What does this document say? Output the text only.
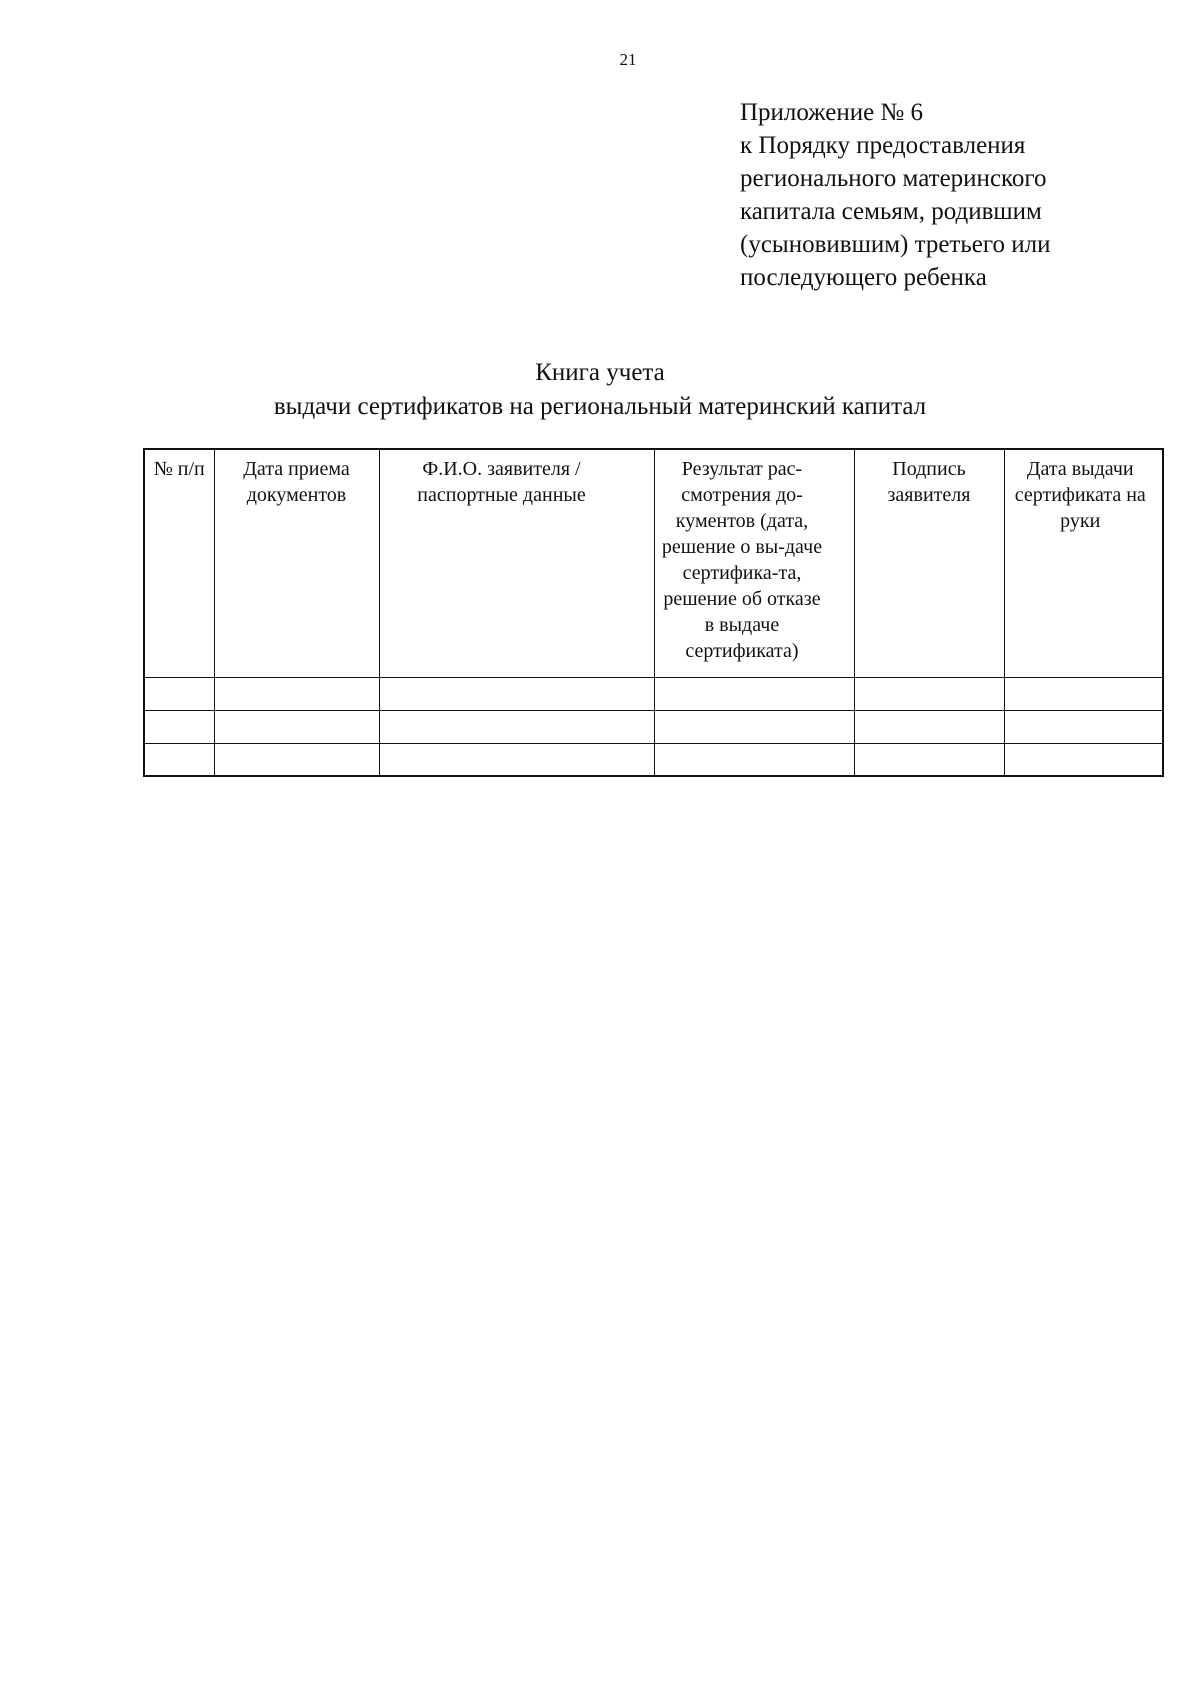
21
Приложение № 6
к Порядку предоставления
регионального материнского
капитала семьям, родившим
(усыновившим) третьего или
последующего ребенка
Книга учета
выдачи сертификатов на региональный материнский капитал
№ п/п	Дата приема документов	Ф.И.О. заявителя / паспортные данные	Результат рас-смотрения до-кументов (дата, решение о вы-даче сертифика-та, решение об отказе в выдаче сертификата)	Подпись заявителя	Дата выдачи сертификата на руки
